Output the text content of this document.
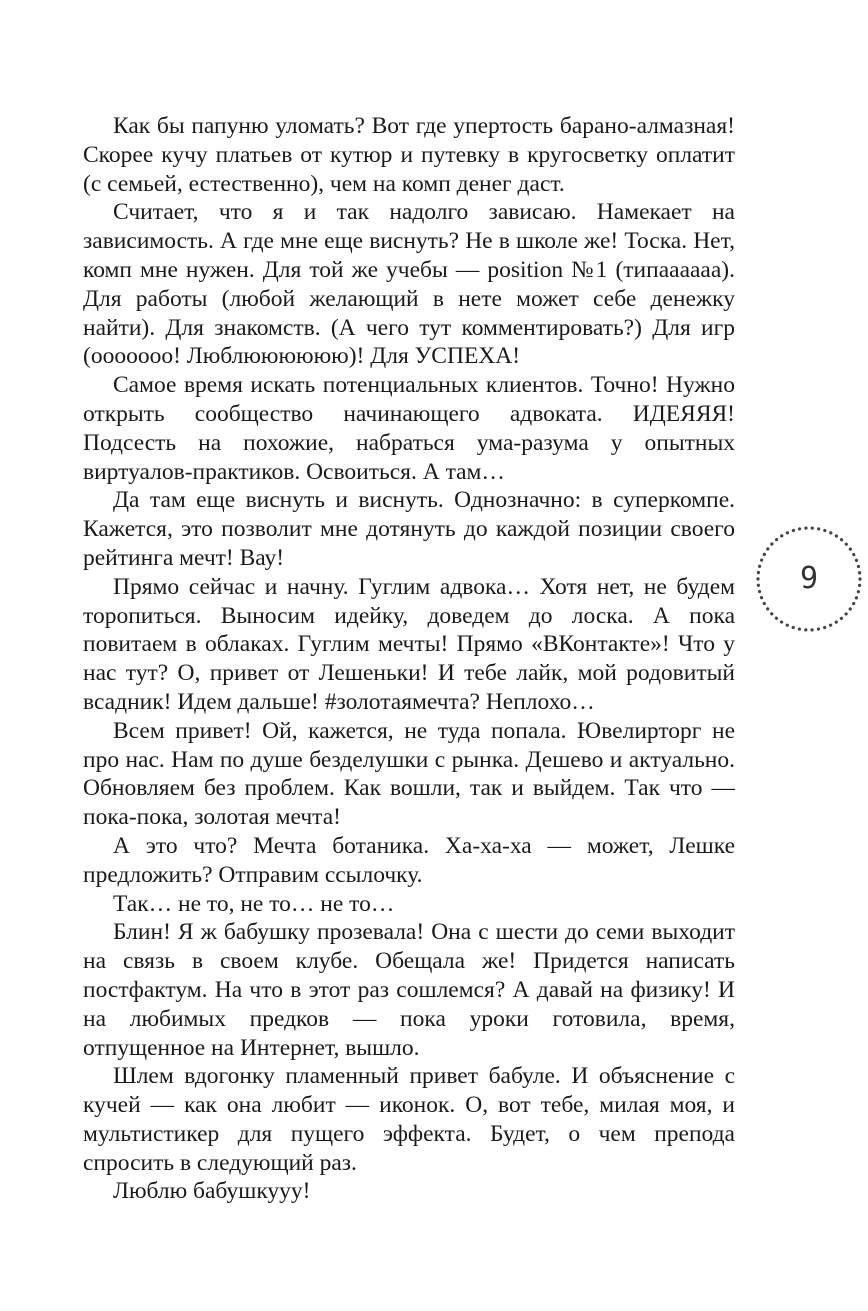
Как бы папуню уломать? Вот где упертость барано-алмазная! Скорее кучу платьев от кутюр и путевку в кругосветку оплатит (с семьей, естественно), чем на комп денег даст.

Считает, что я и так надолго зависаю. Намекает на зависимость. А где мне еще виснуть? Не в школе же! Тоска. Нет, комп мне нужен. Для той же учебы — position №1 (типаааааа). Для работы (любой желающий в нете может себе денежку найти). Для знакомств. (А чего тут комментировать?) Для игр (ооооооо! Люблюююююю)! Для УСПЕХА!

Самое время искать потенциальных клиентов. Точно! Нужно открыть сообщество начинающего адвоката. ИДЕЯЯЯ! Подсесть на похожие, набраться ума-разума у опытных виртуалов-практиков. Освоиться. А там…

Да там еще виснуть и виснуть. Однозначно: в суперкомпе. Кажется, это позволит мне дотянуть до каждой позиции своего рейтинга мечт! Вау!

Прямо сейчас и начну. Гуглим адвока… Хотя нет, не будем торопиться. Выносим идейку, доведем до лоска. А пока повитаем в облаках. Гуглим мечты! Прямо «ВКонтакте»! Что у нас тут? О, привет от Лешеньки! И тебе лайк, мой родовитый всадник! Идем дальше! #золотаямечта? Неплохо…

Всем привет! Ой, кажется, не туда попала. Ювелирторг не про нас. Нам по душе безделушки с рынка. Дешево и актуально. Обновляем без проблем. Как вошли, так и выйдем. Так что — пока-пока, золотая мечта!

А это что? Мечта ботаника. Ха-ха-ха — может, Лешке предложить? Отправим ссылочку.

Так… не то, не то… не то…

Блин! Я ж бабушку прозевала! Она с шести до семи выходит на связь в своем клубе. Обещала же! Придется написать постфактум. На что в этот раз сошлемся? А давай на физику! И на любимых предков — пока уроки готовила, время, отпущенное на Интернет, вышло.

Шлем вдогонку пламенный привет бабуле. И объяснение с кучей — как она любит — иконок. О, вот тебе, милая моя, и мультистикер для пущего эффекта. Будет, о чем препода спросить в следующий раз.

Люблю бабушкууу!

9
